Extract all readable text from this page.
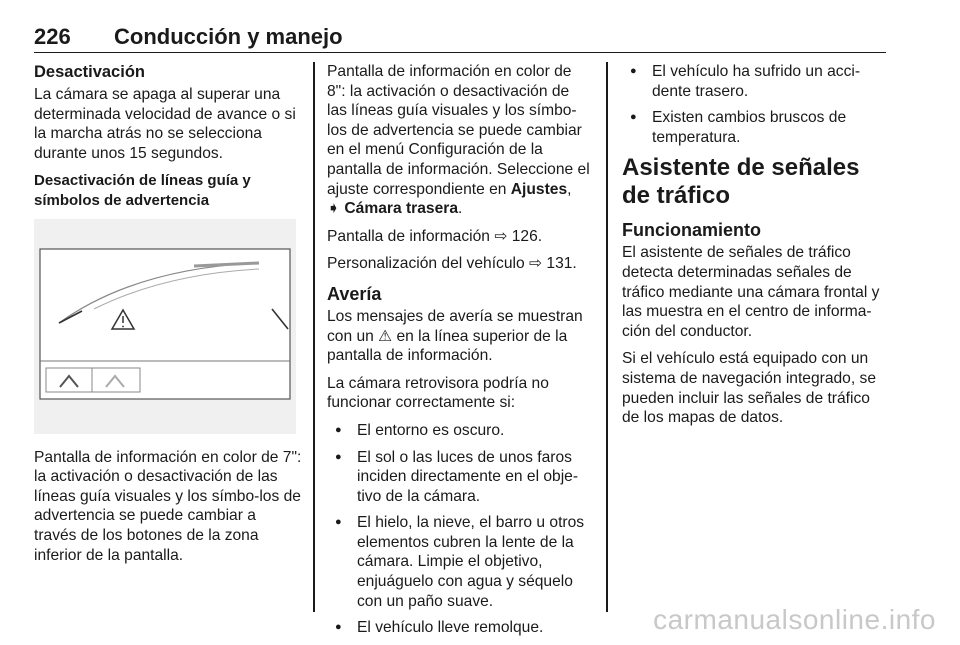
226 Conducción y manejo
Desactivación

La cámara se apaga al superar una determinada velocidad de avance o si la marcha atrás no se selecciona durante unos 15 segundos.

Desactivación de líneas guía y símbolos de advertencia

Pantalla de información en color de 7": la activación o desactivación de las líneas guía visuales y los símbo-los de advertencia se puede cambiar a través de los botones de la zona inferior de la pantalla.

Pantalla de información en color de 8": la activación o desactivación de las líneas guía visuales y los símbo-los de advertencia se puede cambiar en el menú Configuración de la pantalla de información. Seleccione el ajuste correspondiente en Ajustes,
➧ Cámara trasera.

Pantalla de información ⇨ 126.

Personalización del vehículo ⇨ 131.

Avería

Los mensajes de avería se muestran con un ⚠ en la línea superior de la pantalla de información.

La cámara retrovisora podría no funcionar correctamente si:

● El entorno es oscuro.
● El sol o las luces de unos faros inciden directamente en el obje-tivo de la cámara.
● El hielo, la nieve, el barro u otros elementos cubren la lente de la cámara. Limpie el objetivo, enjuáguelo con agua y séquelo con un paño suave.
● El vehículo lleve remolque.
● El vehículo ha sufrido un acci-dente trasero.
● Existen cambios bruscos de temperatura.
Asistente de señales de tráfico
Funcionamiento

El asistente de señales de tráfico detecta determinadas señales de tráfico mediante una cámara frontal y las muestra en el centro de informa-ción del conductor.

Si el vehículo está equipado con un sistema de navegación integrado, se pueden incluir las señales de tráfico de los mapas de datos.

carmanualsonline.info
